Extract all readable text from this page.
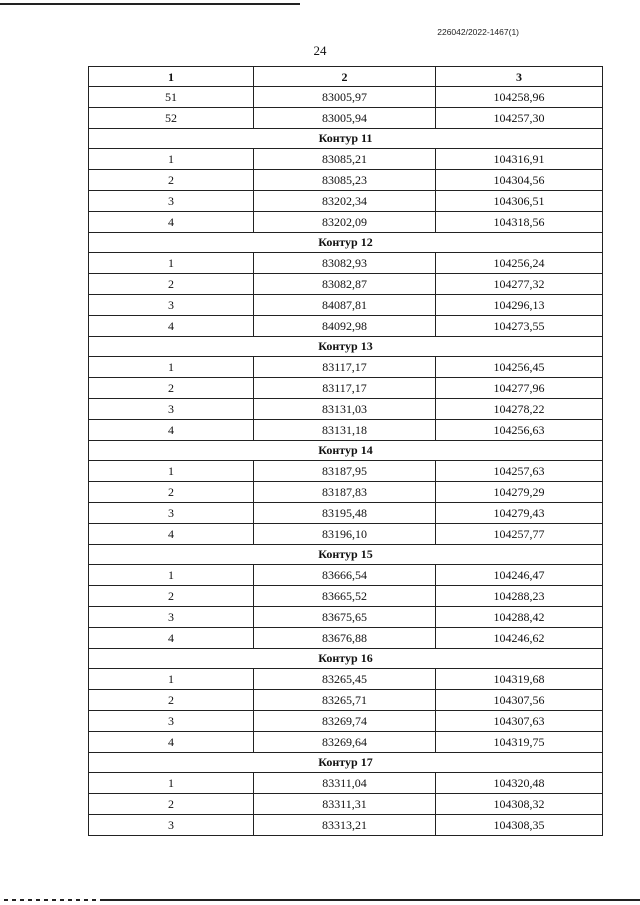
226042/2022-1467(1)
24
1	2	3
51	83005,97	104258,96
52	83005,94	104257,30
Контур 11		
1	83085,21	104316,91
2	83085,23	104304,56
3	83202,34	104306,51
4	83202,09	104318,56
Контур 12		
1	83082,93	104256,24
2	83082,87	104277,32
3	84087,81	104296,13
4	84092,98	104273,55
Контур 13		
1	83117,17	104256,45
2	83117,17	104277,96
3	83131,03	104278,22
4	83131,18	104256,63
Контур 14		
1	83187,95	104257,63
2	83187,83	104279,29
3	83195,48	104279,43
4	83196,10	104257,77
Контур 15		
1	83666,54	104246,47
2	83665,52	104288,23
3	83675,65	104288,42
4	83676,88	104246,62
Контур 16		
1	83265,45	104319,68
2	83265,71	104307,56
3	83269,74	104307,63
4	83269,64	104319,75
Контур 17		
1	83311,04	104320,48
2	83311,31	104308,32
3	83313,21	104308,35
